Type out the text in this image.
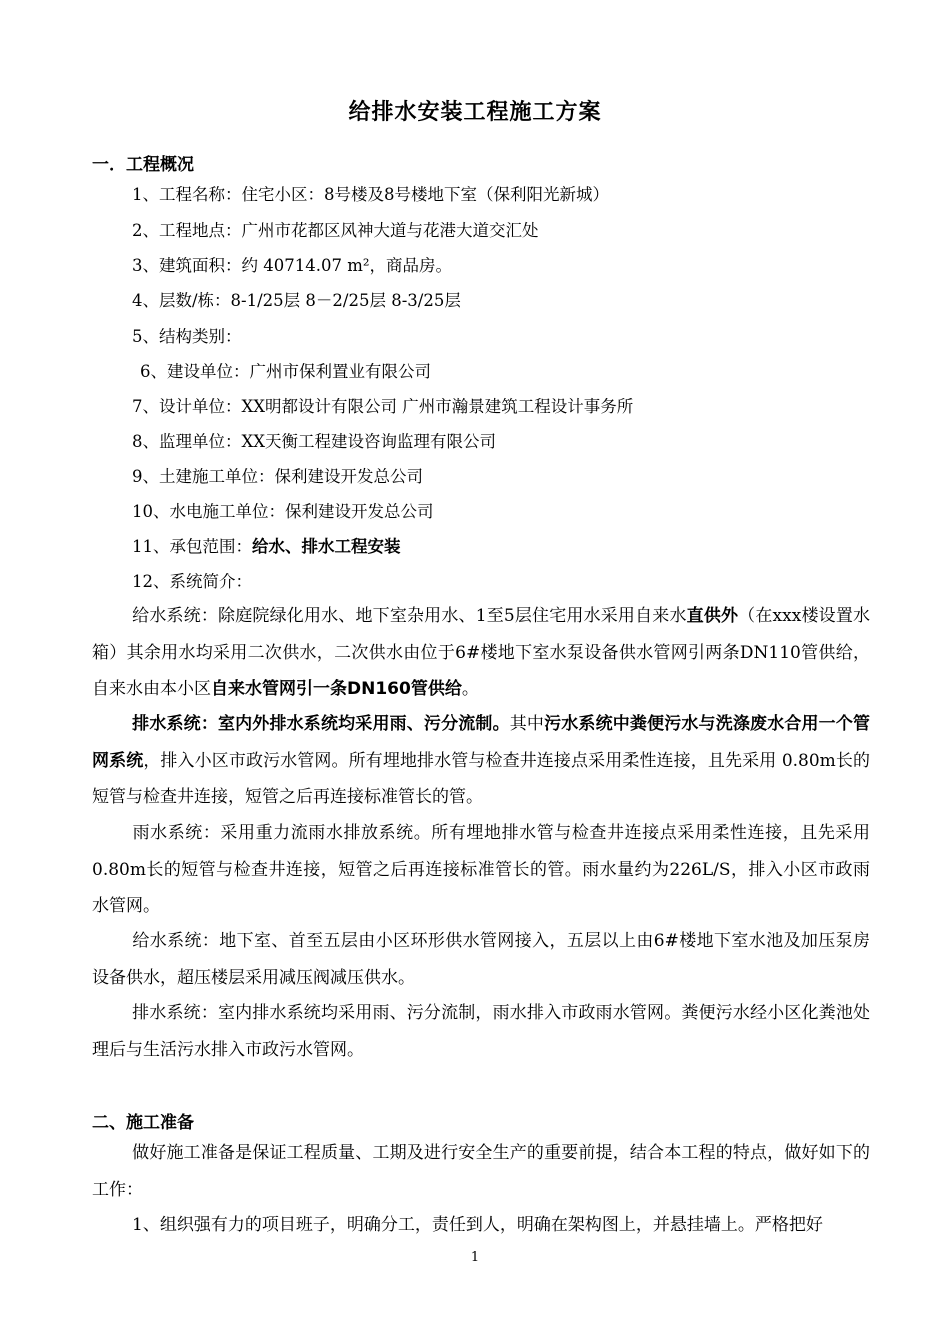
给排水安装工程施工方案
一．工程概况
1、工程名称：住宅小区：8号楼及8号楼地下室（保利阳光新城）
2、工程地点：广州市花都区风神大道与花港大道交汇处
3、建筑面积：约 40714.07 m²，商品房。
4、层数/栋：8-1/25层 8－2/25层 8-3/25层
5、结构类别：
6、建设单位：广州市保利置业有限公司
7、设计单位：XX明都设计有限公司 广州市瀚景建筑工程设计事务所
8、监理单位：XX天衡工程建设咨询监理有限公司
9、土建施工单位：保利建设开发总公司
10、水电施工单位：保利建设开发总公司
11、承包范围：给水、排水工程安装
12、系统简介：
给水系统：除庭院绿化用水、地下室杂用水、1至5层住宅用水采用自来水直供外（在xxx楼设置水箱）其余用水均采用二次供水，二次供水由位于6#楼地下室水泵设备供水管网引两条DN110管供给，自来水由本小区自来水管网引一条DN160管供给。
排水系统：室内外排水系统均采用雨、污分流制。其中污水系统中粪便污水与洗涤废水合用一个管网系统，排入小区市政污水管网。所有埋地排水管与检查井连接点采用柔性连接，且先采用 0.80m长的短管与检查井连接，短管之后再连接标准管长的管。
雨水系统：采用重力流雨水排放系统。所有埋地排水管与检查井连接点采用柔性连接，且先采用 0.80m长的短管与检查井连接，短管之后再连接标准管长的管。雨水量约为226L/S，排入小区市政雨水管网。
给水系统：地下室、首至五层由小区环形供水管网接入，五层以上由6#楼地下室水池及加压泵房设备供水，超压楼层采用减压阀减压供水。
排水系统：室内排水系统均采用雨、污分流制，雨水排入市政雨水管网。粪便污水经小区化粪池处理后与生活污水排入市政污水管网。
二、施工准备
做好施工准备是保证工程质量、工期及进行安全生产的重要前提，结合本工程的特点，做好如下的工作：
1、组织强有力的项目班子，明确分工，责任到人，明确在架构图上，并悬挂墙上。严格把好
1
